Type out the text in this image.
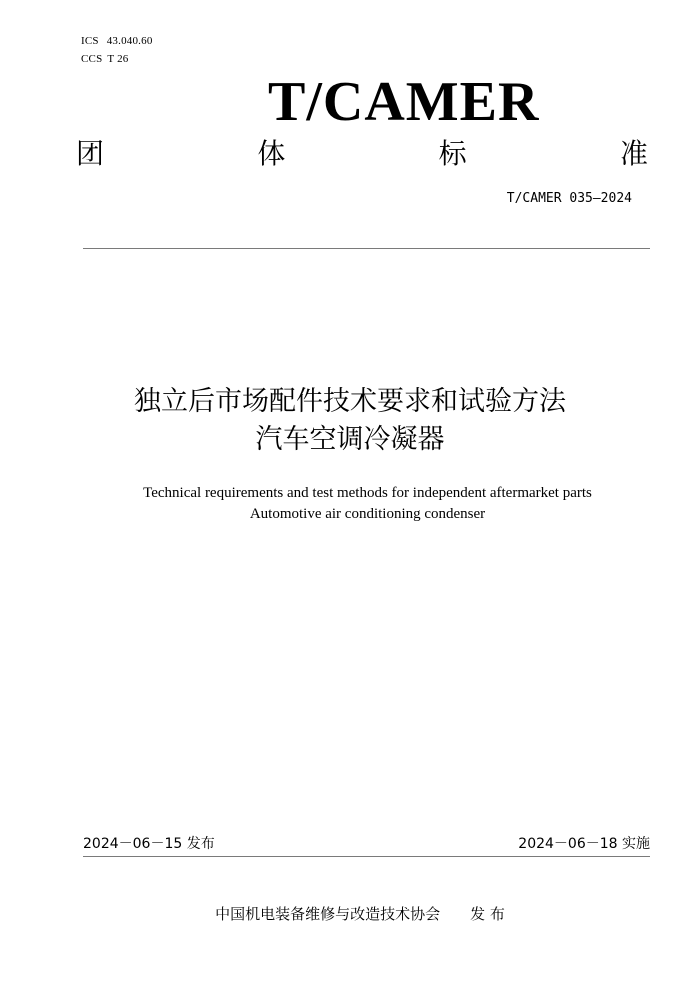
ICS 43.040.60
CCS T 26
T/CAMER
团	体	标	准
T/CAMER 035—2024
独立后市场配件技术要求和试验方法
汽车空调冷凝器
Technical requirements and test methods for independent aftermarket parts
Automotive air conditioning condenser
2024－06－15 发布	2024－06－18 实施
中国机电装备维修与改造技术协会 发 布
